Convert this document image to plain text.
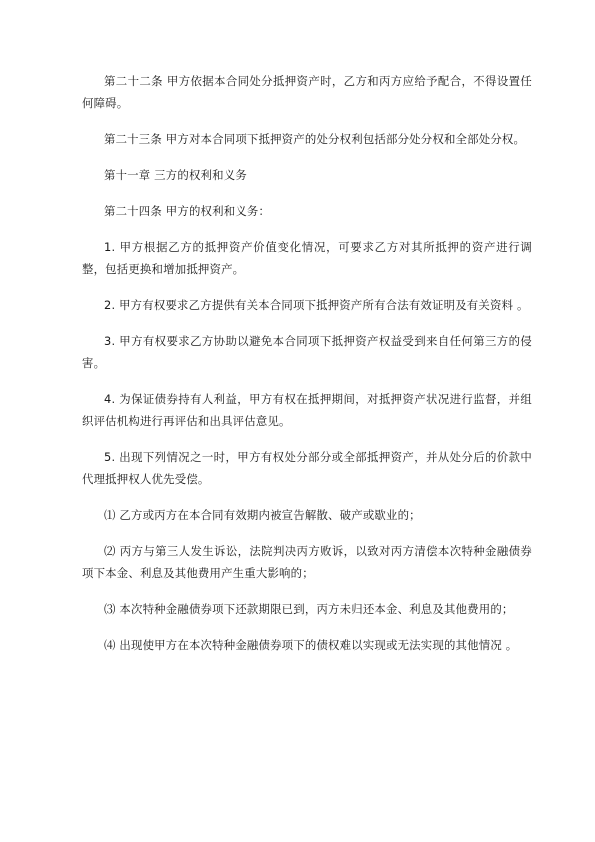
第二十二条 甲方依据本合同处分抵押资产时，乙方和丙方应给予配合，不得设置任何障碍。

第二十三条 甲方对本合同项下抵押资产的处分权利包括部分处分权和全部处分权。

第十一章 三方的权利和义务

第二十四条 甲方的权利和义务：

1. 甲方根据乙方的抵押资产价值变化情况，可要求乙方对其所抵押的资产进行调整，包括更换和增加抵押资产。

2. 甲方有权要求乙方提供有关本合同项下抵押资产所有合法有效证明及有关资料 。

3. 甲方有权要求乙方协助以避免本合同项下抵押资产权益受到来自任何第三方的侵害。

4. 为保证债券持有人利益，甲方有权在抵押期间，对抵押资产状况进行监督，并组织评估机构进行再评估和出具评估意见。

5. 出现下列情况之一时，甲方有权处分部分或全部抵押资产，并从处分后的价款中代理抵押权人优先受偿。

⑴ 乙方或丙方在本合同有效期内被宣告解散、破产或歇业的；

⑵ 丙方与第三人发生诉讼，法院判决丙方败诉，以致对丙方清偿本次特种金融债券项下本金、利息及其他费用产生重大影响的；

⑶ 本次特种金融债券项下还款期限已到，丙方未归还本金、利息及其他费用的；

⑷ 出现使甲方在本次特种金融债券项下的债权难以实现或无法实现的其他情况 。
